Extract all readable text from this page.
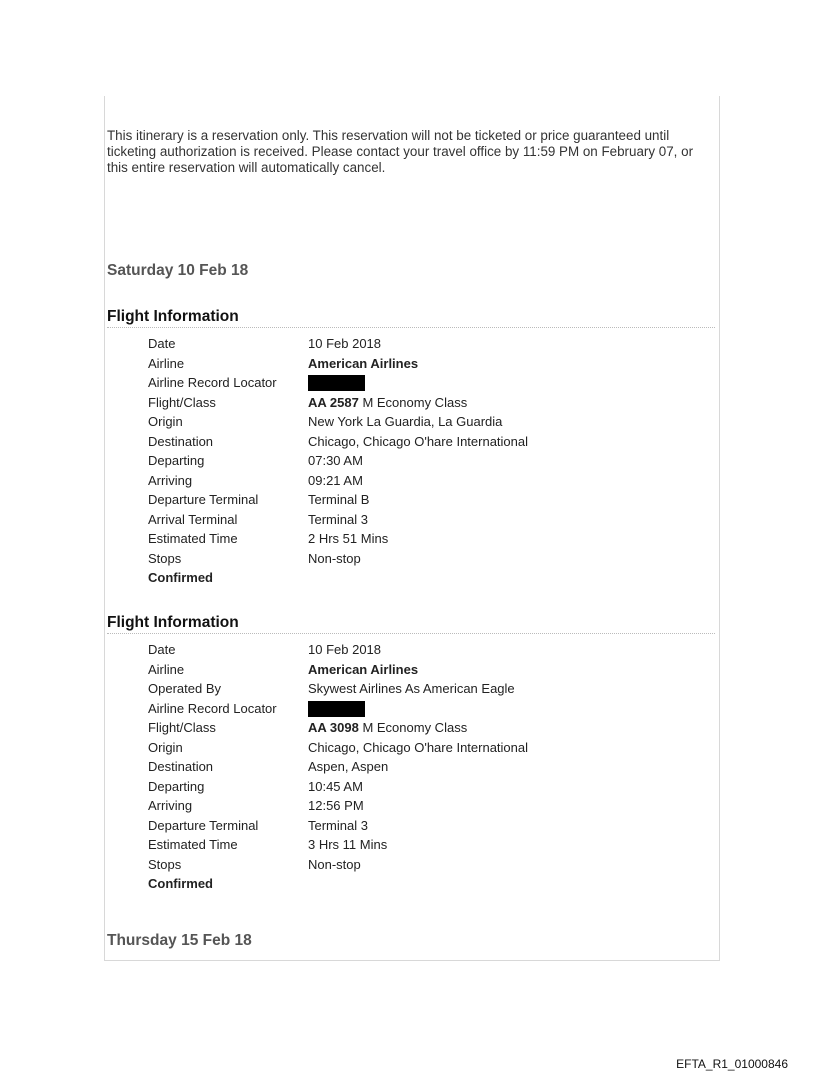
This itinerary is a reservation only. This reservation will not be ticketed or price guaranteed until ticketing authorization is received. Please contact your travel office by 11:59 PM on February 07, or this entire reservation will automatically cancel.

Saturday 10 Feb 18
Flight Information
Date	10 Feb 2018
Airline	American Airlines
Airline Record Locator
Flight/Class	AA 2587 M Economy Class
Origin	New York La Guardia, La Guardia
Destination	Chicago, Chicago O'hare International
Departing	07:30 AM
Arriving	09:21 AM
Departure Terminal	Terminal B
Arrival Terminal	Terminal 3
Estimated Time	2 Hrs 51 Mins
Stops	Non-stop
Confirmed
Flight Information
Date	10 Feb 2018
Airline	American Airlines
Operated By	Skywest Airlines As American Eagle
Airline Record Locator
Flight/Class	AA 3098 M Economy Class
Origin	Chicago, Chicago O'hare International
Destination	Aspen, Aspen
Departing	10:45 AM
Arriving	12:56 PM
Departure Terminal	Terminal 3
Estimated Time	3 Hrs 11 Mins
Stops	Non-stop
Confirmed
Thursday 15 Feb 18
EFTA_R1_01000846
